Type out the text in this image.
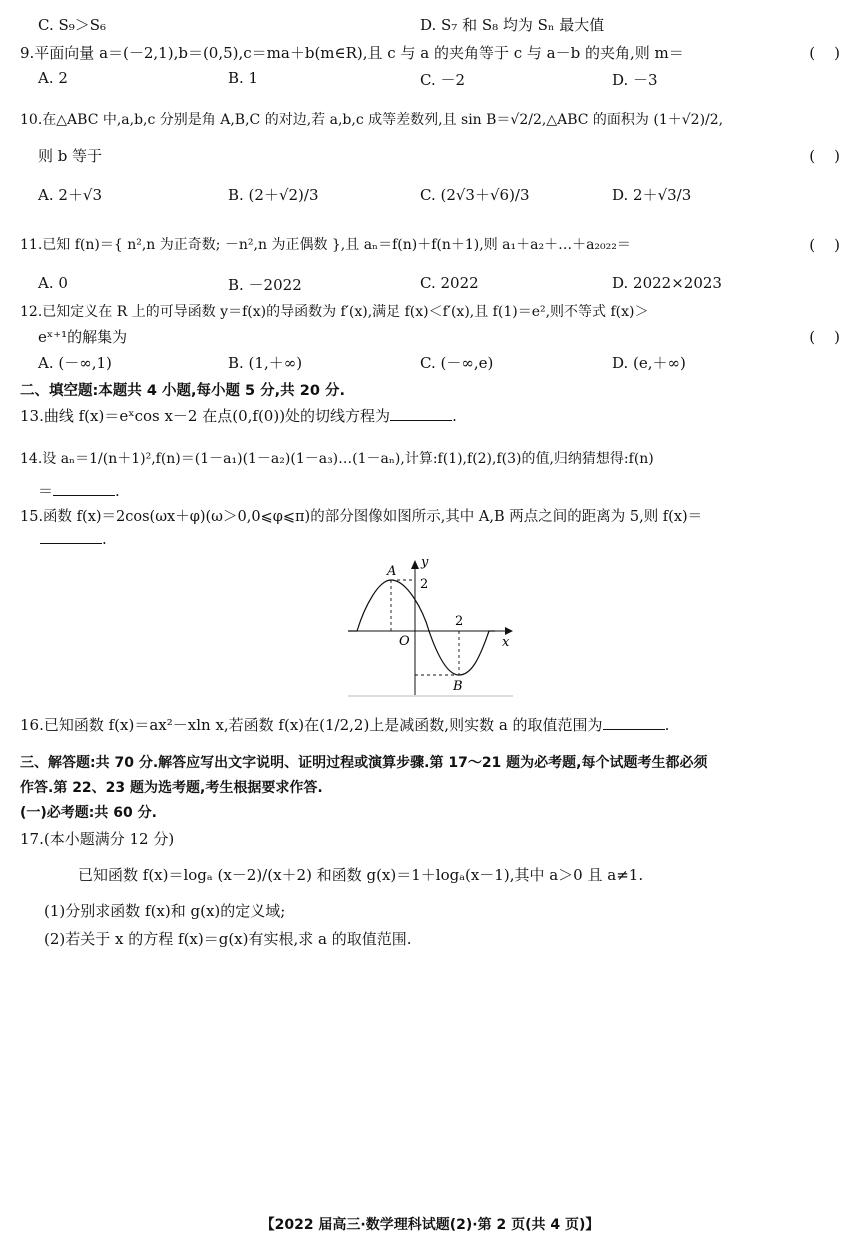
C. S₉＞S₆	D. S₇ 和 S₈ 均为 Sₙ 最大值
9.平面向量 a＝(－2,1),b＝(0,5),c＝ma＋b(m∈R),且 c 与 a 的夹角等于 c 与 a－b 的夹角,则 m＝	(　)
A. 2	B. 1	C. －2	D. －3
10.在△ABC 中,a,b,c 分别是角 A,B,C 的对边,若 a,b,c 成等差数列,且 sin B＝√2/2,△ABC 的面积为 (1＋√2)/2,
则 b 等于	(　)
A. 2＋√3	B. (2＋√2)/3	C. (2√3＋√6)/3	D. 2＋√3/3
11.已知 f(n)＝{ n²,n 为正奇数; －n²,n 为正偶数 },且 aₙ＝f(n)＋f(n＋1),则 a₁＋a₂＋…＋a₂₀₂₂＝	(　)
A. 0	B. －2022	C. 2022	D. 2022×2023
12.已知定义在 R 上的可导函数 y＝f(x)的导函数为 f′(x),满足 f(x)＜f′(x),且 f(1)＝e²,则不等式 f(x)＞
eˣ⁺¹的解集为	(　)
A. (－∞,1)	B. (1,＋∞)	C. (－∞,e)	D. (e,＋∞)
二、填空题:本题共 4 小题,每小题 5 分,共 20 分.
13.曲线 f(x)＝eˣcos x－2 在点(0,f(0))处的切线方程为	.
14.设 aₙ＝1/(n＋1)²,f(n)＝(1－a₁)(1－a₂)(1－a₃)…(1－aₙ),计算:f(1),f(2),f(3)的值,归纳猜想得:f(n)
＝	.
15.函数 f(x)＝2cos(ωx＋φ)(ω＞0,0⩽φ⩽π)的部分图像如图所示,其中 A,B 两点之间的距离为 5,则 f(x)＝
.
A
2
y
x
O
2
B
16.已知函数 f(x)＝ax²－xln x,若函数 f(x)在(1/2,2)上是减函数,则实数 a 的取值范围为	.
三、解答题:共 70 分.解答应写出文字说明、证明过程或演算步骤.第 17～21 题为必考题,每个试题考生都必须
作答.第 22、23 题为选考题,考生根据要求作答.
(一)必考题:共 60 分.
17.(本小题满分 12 分)
已知函数 f(x)＝logₐ (x－2)/(x＋2) 和函数 g(x)＝1＋logₐ(x－1),其中 a＞0 且 a≠1.
(1)分别求函数 f(x)和 g(x)的定义域;
(2)若关于 x 的方程 f(x)＝g(x)有实根,求 a 的取值范围.
【2022 届高三·数学理科试题(2)·第 2 页(共 4 页)】
